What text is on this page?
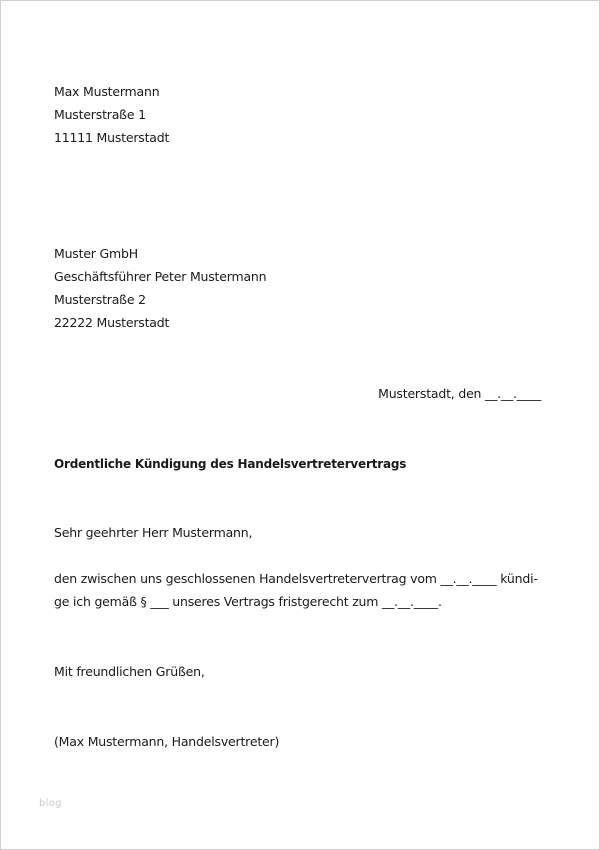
Max Mustermann
Musterstraße 1
11111 Musterstadt
Muster GmbH
Geschäftsführer Peter Mustermann
Musterstraße 2
22222 Musterstadt
Musterstadt, den __.__.____
Ordentliche Kündigung des Handelsvertretervertrags
Sehr geehrter Herr Mustermann,
den zwischen uns geschlossenen Handelsvertretervertrag vom __.__.____ kündi-
ge ich gemäß § ___ unseres Vertrags fristgerecht zum __.__.____.
Mit freundlichen Grüßen,
(Max Mustermann, Handelsvertreter)
blog
